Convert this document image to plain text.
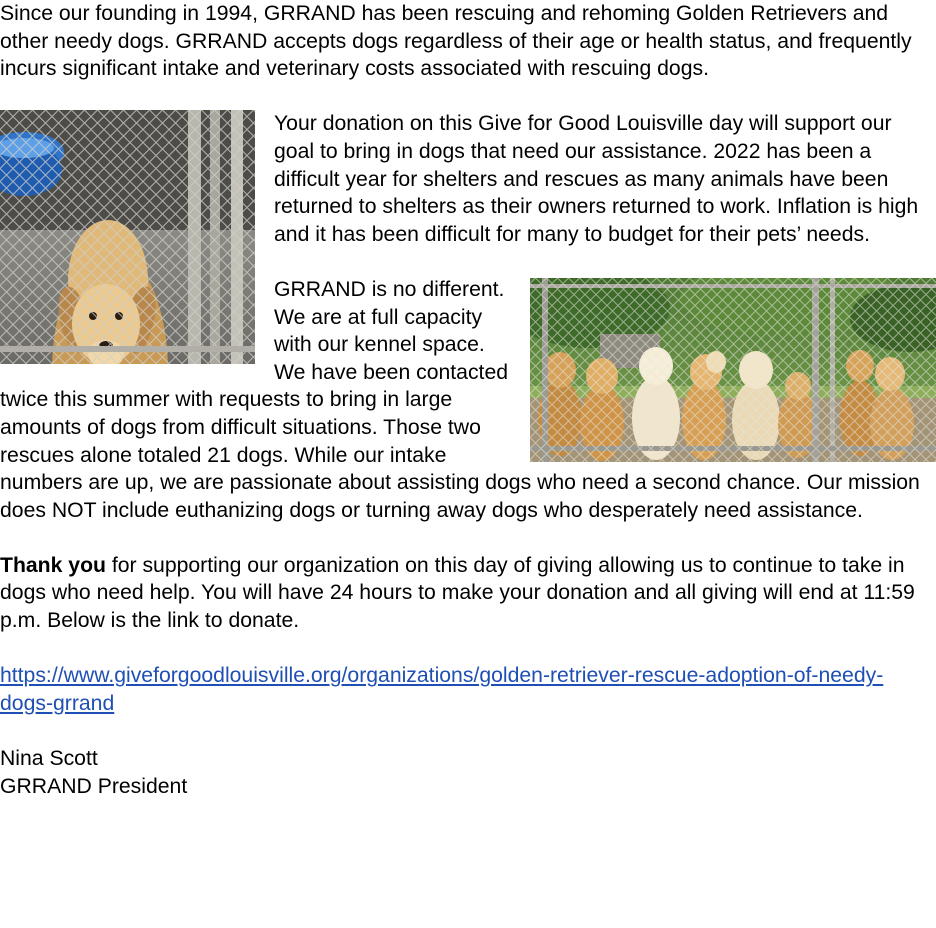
Since our founding in 1994, GRRAND has been rescuing and rehoming Golden Retrievers and other needy dogs. GRRAND accepts dogs regardless of their age or health status, and frequently incurs significant intake and veterinary costs associated with rescuing dogs.

Your donation on this Give for Good Louisville day will support our goal to bring in dogs that need our assistance. 2022 has been a difficult year for shelters and rescues as many animals have been returned to shelters as their owners returned to work. Inflation is high and it has been difficult for many to budget for their pets’ needs.

GRRAND is no different. We are at full capacity with our kennel space. We have been contacted twice this summer with requests to bring in large amounts of dogs from difficult situations. Those two rescues alone totaled 21 dogs. While our intake numbers are up, we are passionate about assisting dogs who need a second chance. Our mission does NOT include euthanizing dogs or turning away dogs who desperately need assistance.

Thank you for supporting our organization on this day of giving allowing us to continue to take in dogs who need help. You will have 24 hours to make your donation and all giving will end at 11:59 p.m. Below is the link to donate.

https://www.giveforgoodlouisville.org/organizations/golden-retriever-rescue-adoption-of-needy-dogs-grrand

Nina Scott

GRRAND President
